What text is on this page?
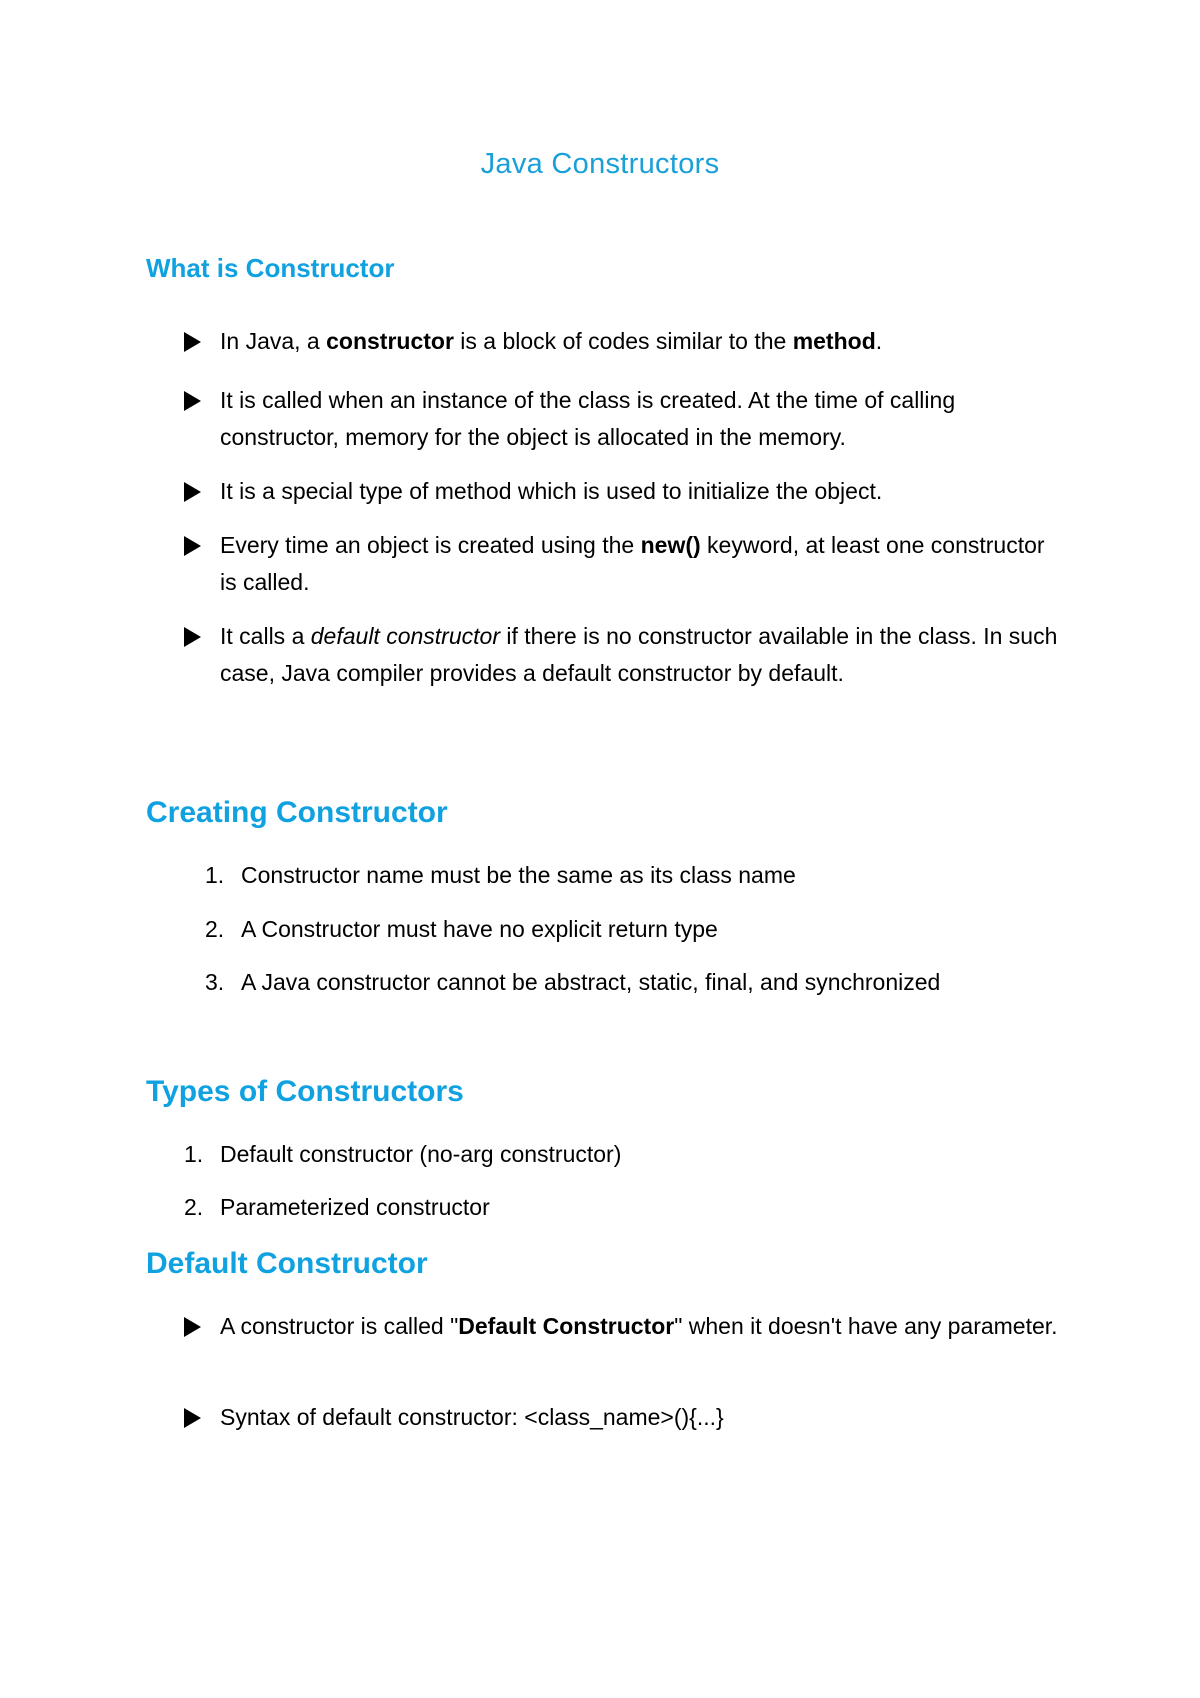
Java Constructors
What is Constructor
In Java, a constructor is a block of codes similar to the method.
It is called when an instance of the class is created. At the time of calling constructor, memory for the object is allocated in the memory.
It is a special type of method which is used to initialize the object.
Every time an object is created using the new() keyword, at least one constructor is called.
It calls a default constructor if there is no constructor available in the class. In such case, Java compiler provides a default constructor by default.
Creating Constructor
1. Constructor name must be the same as its class name
2. A Constructor must have no explicit return type
3. A Java constructor cannot be abstract, static, final, and synchronized
Types of Constructors
1. Default constructor (no-arg constructor)
2. Parameterized constructor
Default Constructor
A constructor is called "Default Constructor" when it doesn't have any parameter.
Syntax of default constructor: <class_name>(){...}
